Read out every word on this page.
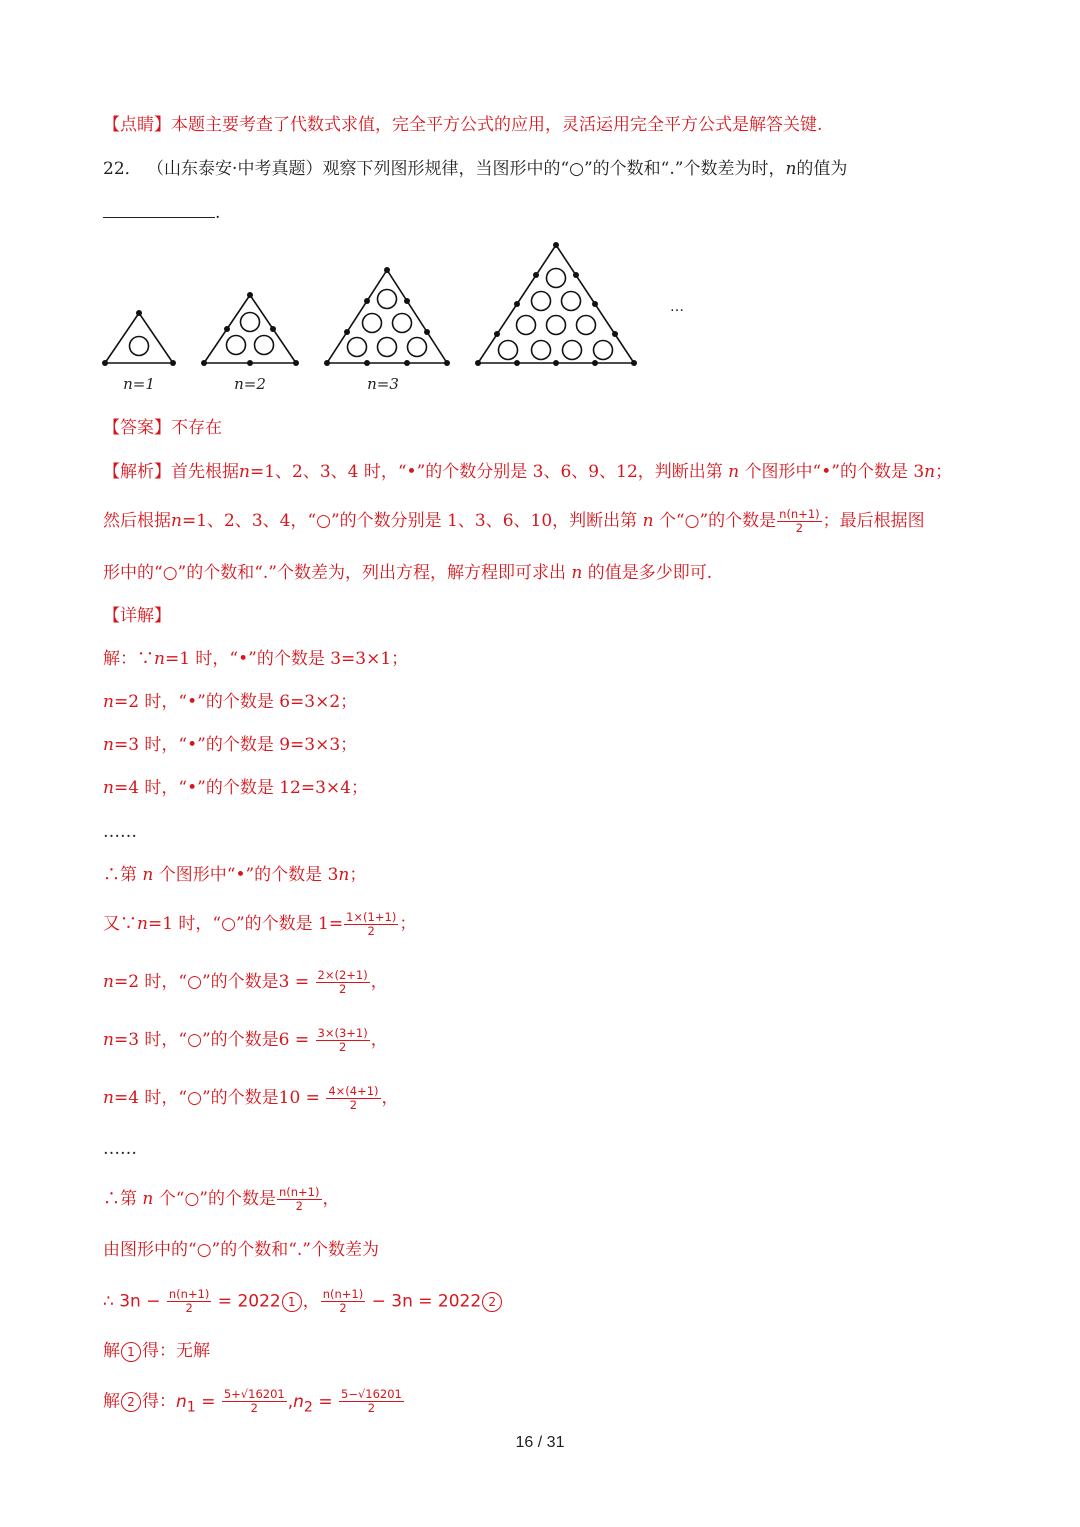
【点睛】本题主要考查了代数式求值，完全平方公式的应用，灵活运用完全平方公式是解答关键.
22． （山东泰安·中考真题）观察下列图形规律，当图形中的“○”的个数和“.”个数差为时，n的值为
.
n=1	n=2	n=3
…
【答案】不存在
【解析】首先根据n=1、2、3、4 时，“•”的个数分别是 3、6、9、12，判断出第 n 个图形中“•”的个数是 3n；
然后根据n=1、2、3、4，“○”的个数分别是 1、3、6、10，判断出第 n 个“○”的个数是 $\frac{n(n+1)}{2}$ ；最后根据图
形中的“○”的个数和“.”个数差为，列出方程，解方程即可求出 n 的值是多少即可.
【详解】
解：∵n=1 时，“•”的个数是 3=3×1；
n=2 时，“•”的个数是 6=3×2；
n=3 时，“•”的个数是 9=3×3；
n=4 时，“•”的个数是 12=3×4；
……
∴第 n 个图形中“•”的个数是 3n；
又∵n=1 时，“○”的个数是 $1= \frac{1\times(1+1)}{2}$ ；
n=2 时，“○”的个数是$3 = \frac{2\times(2+1)}{2}$ ，
n=3 时，“○”的个数是$6 = \frac{3\times(3+1)}{2}$ ，
n=4 时，“○”的个数是$10 = \frac{4\times(4+1)}{2}$ ，
……
∴第 n 个“○”的个数是 $\frac{n(n+1)}{2}$ ，
由图形中的“○”的个数和“.”个数差为
∴ $3n - \frac{n(n+1)}{2} = 2022$ 1 ， $\frac{n(n+1)}{2} - 3n = 2022$ 2
解 1 得：无解
解 2 得：$n_1 = \frac{5+√16201}{2} ,n_2 = \frac{5-√16201}{2}$
16 / 31
